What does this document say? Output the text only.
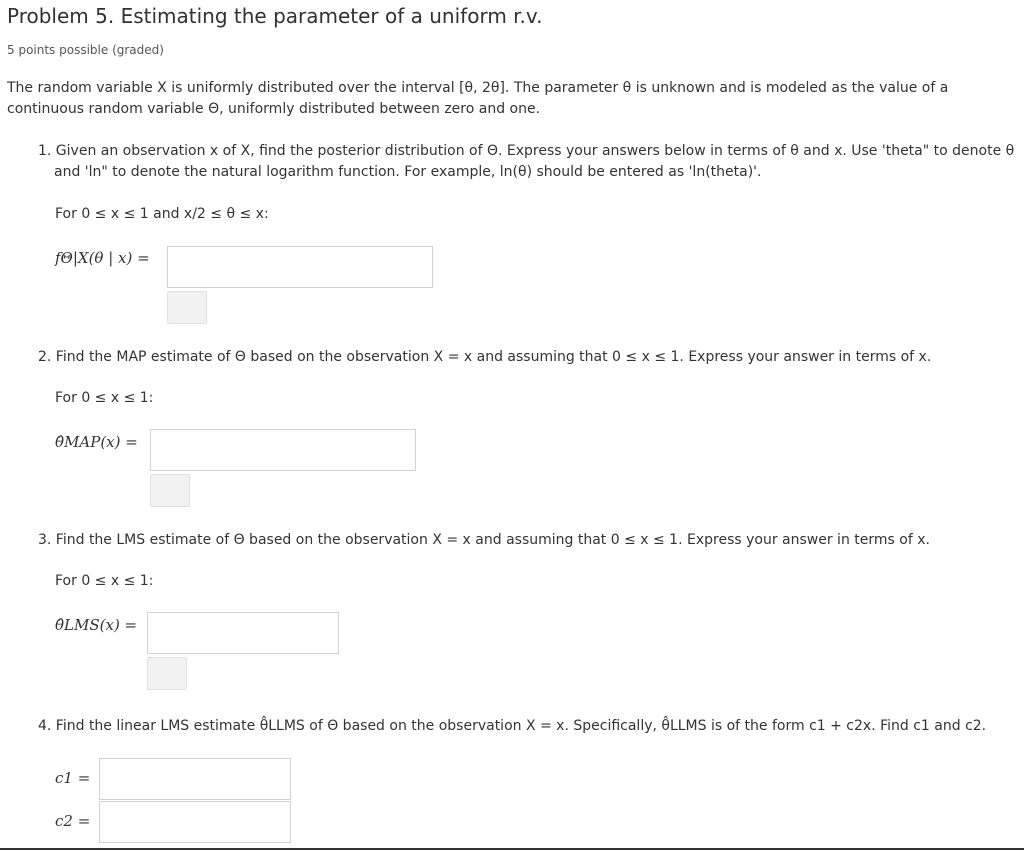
Problem 5. Estimating the parameter of a uniform r.v.
5 points possible (graded)
The random variable X is uniformly distributed over the interval [θ, 2θ]. The parameter θ is unknown and is modeled as the value of a
continuous random variable Θ, uniformly distributed between zero and one.
1. Given an observation x of X, find the posterior distribution of Θ. Express your answers below in terms of θ and x. Use 'theta" to denote θ
and 'ln" to denote the natural logarithm function. For example, ln(θ) should be entered as 'ln(theta)'.
For 0 ≤ x ≤ 1 and x/2 ≤ θ ≤ x:
fΘ|X(θ | x) =
2. Find the MAP estimate of Θ based on the observation X = x and assuming that 0 ≤ x ≤ 1. Express your answer in terms of x.
For 0 ≤ x ≤ 1:
θ̂MAP(x) =
3. Find the LMS estimate of Θ based on the observation X = x and assuming that 0 ≤ x ≤ 1. Express your answer in terms of x.
For 0 ≤ x ≤ 1:
θ̂LMS(x) =
4. Find the linear LMS estimate θ̂LLMS of Θ based on the observation X = x. Specifically, θ̂LLMS is of the form c1 + c2x. Find c1 and c2.
c1 =
c2 =
